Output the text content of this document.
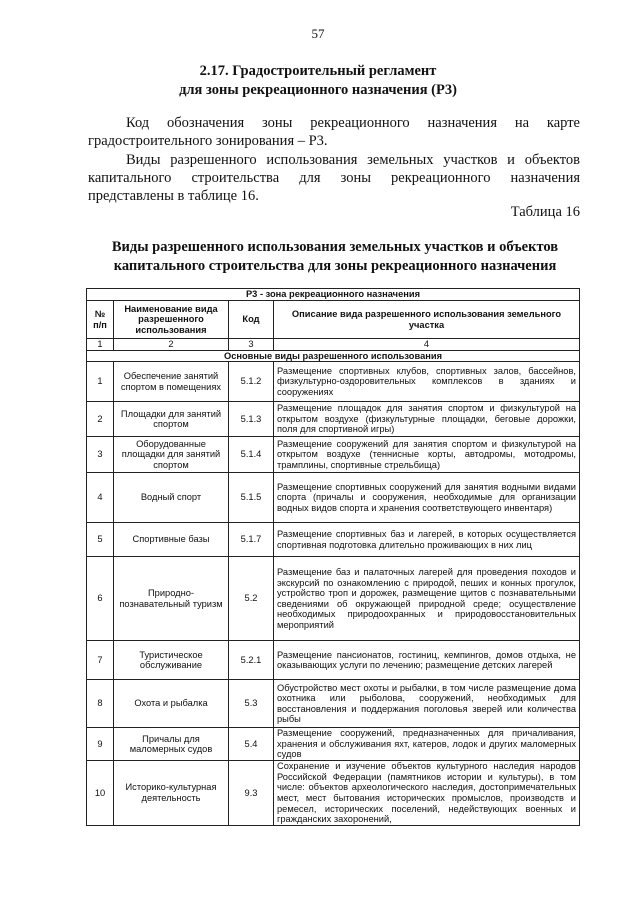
57
2.17. Градостроительный регламент
для зоны рекреационного назначения (Р3)
Код обозначения зоны рекреационного назначения на карте
градостроительного зонирования – Р3.
Виды разрешенного использования земельных участков и объектов
капитального строительства для зоны рекреационного назначения
представлены в таблице 16.
Таблица 16
Виды разрешенного использования земельных участков и объектов
капитального строительства для зоны рекреационного назначения
Р3 - зона рекреационного назначения			
№ п/п	Наименование вида разрешенного использования	Код	Описание вида разрешенного использования земельного участка
1	2	3	4
Основные виды разрешенного использования			
1	Обеспечение занятий спортом в помещениях	5.1.2	Размещение спортивных клубов, спортивных залов, бассейнов, физкультурно-оздоровительных комплексов в зданиях и сооружениях
2	Площадки для занятий спортом	5.1.3	Размещение площадок для занятия спортом и физкультурой на открытом воздухе (физкультурные площадки, беговые дорожки, поля для спортивной игры)
3	Оборудованные площадки для занятий спортом	5.1.4	Размещение сооружений для занятия спортом и физкультурой на открытом воздухе (теннисные корты, автодромы, мотодромы, трамплины, спортивные стрельбища)
4	Водный спорт	5.1.5	Размещение спортивных сооружений для занятия водными видами спорта (причалы и сооружения, необходимые для организации водных видов спорта и хранения соответствующего инвентаря)
5	Спортивные базы	5.1.7	Размещение спортивных баз и лагерей, в которых осуществляется спортивная подготовка длительно проживающих в них лиц
6	Природно-познавательный туризм	5.2	Размещение баз и палаточных лагерей для проведения походов и экскурсий по ознакомлению с природой, пеших и конных прогулок, устройство троп и дорожек, размещение щитов с познавательными сведениями об окружающей природной среде; осуществление необходимых природоохранных и природовосстановительных мероприятий
7	Туристическое обслуживание	5.2.1	Размещение пансионатов, гостиниц, кемпингов, домов отдыха, не оказывающих услуги по лечению; размещение детских лагерей
8	Охота и рыбалка	5.3	Обустройство мест охоты и рыбалки, в том числе размещение дома охотника или рыболова, сооружений, необходимых для восстановления и поддержания поголовья зверей или количества рыбы
9	Причалы для маломерных судов	5.4	Размещение сооружений, предназначенных для причаливания, хранения и обслуживания яхт, катеров, лодок и других маломерных судов
10	Историко-культурная деятельность	9.3	Сохранение и изучение объектов культурного наследия народов Российской Федерации (памятников истории и культуры), в том числе: объектов археологического наследия, достопримечательных мест, мест бытования исторических промыслов, производств и ремесел, исторических поселений, недействующих военных и гражданских захоронений,
